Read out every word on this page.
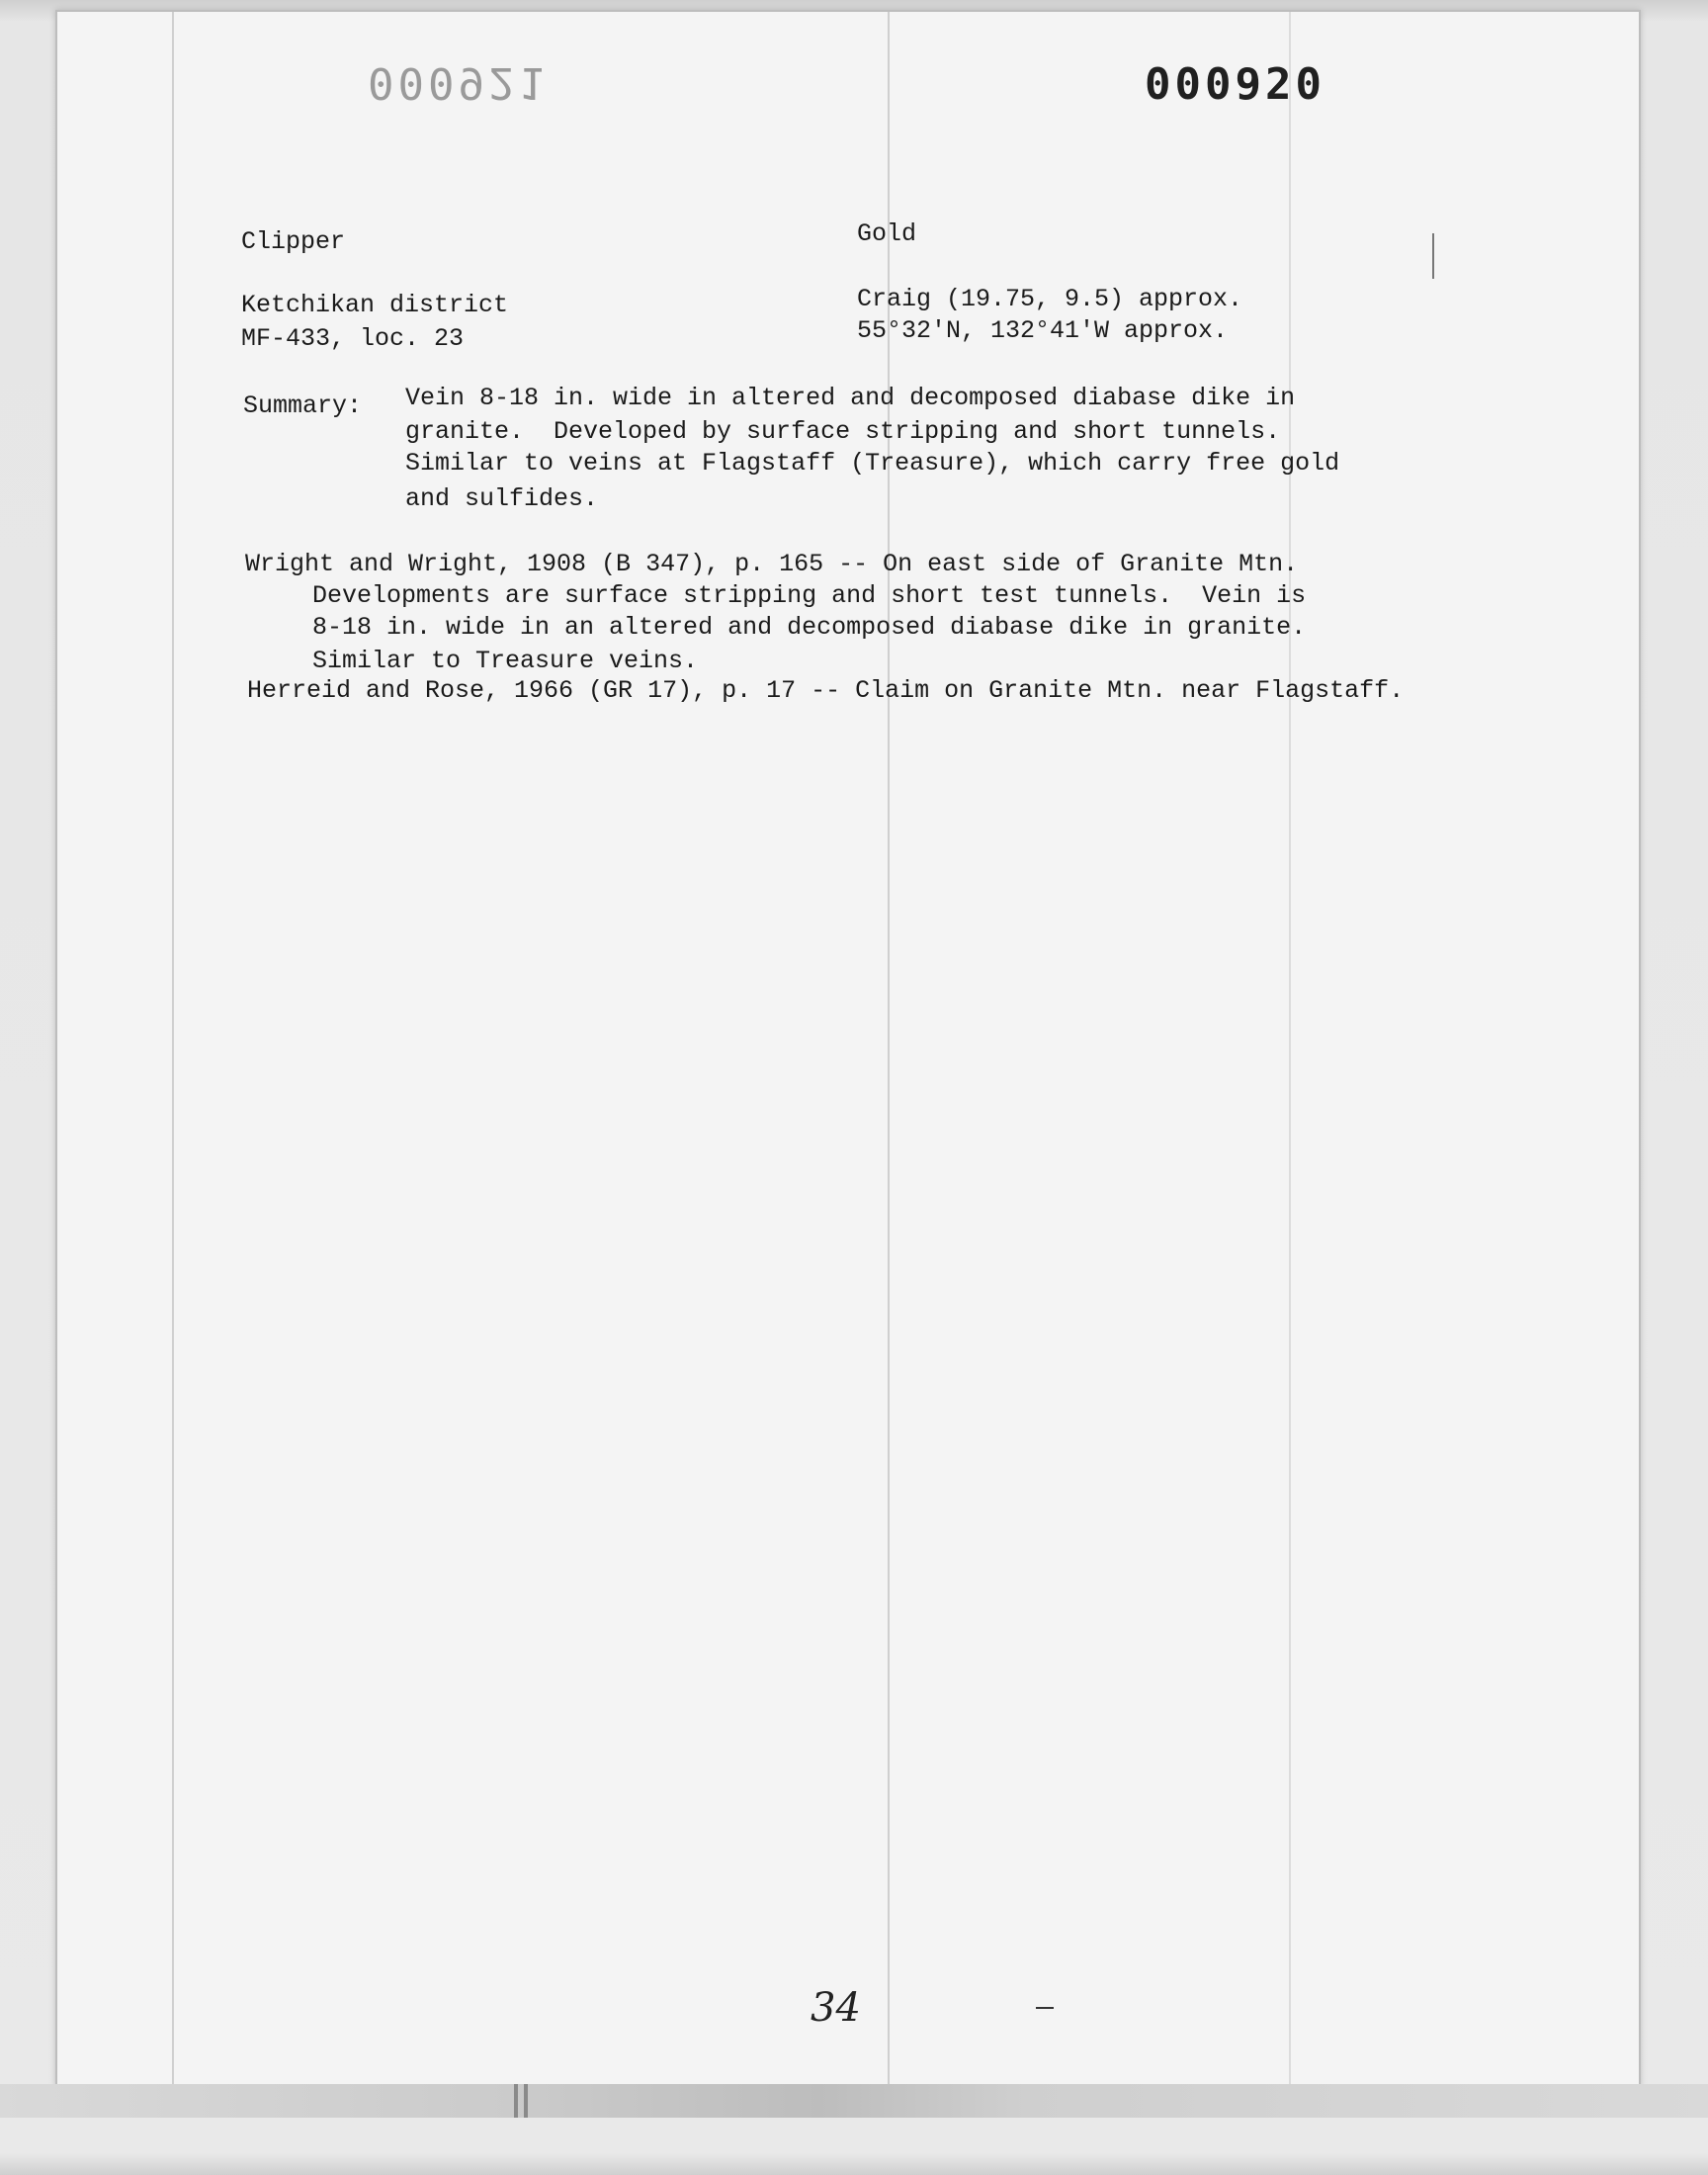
000921	000920
Clipper	Gold
Ketchikan district	Craig (19.75, 9.5) approx.
MF-433, loc. 23	55°32'N, 132°41'W approx.
Summary: Vein 8-18 in. wide in altered and decomposed diabase dike in
granite.  Developed by surface stripping and short tunnels.
Similar to veins at Flagstaff (Treasure), which carry free gold
and sulfides.
Wright and Wright, 1908 (B 347), p. 165 -- On east side of Granite Mtn.
Developments are surface stripping and short test tunnels.  Vein is
8-18 in. wide in an altered and decomposed diabase dike in granite.
Similar to Treasure veins.
Herreid and Rose, 1966 (GR 17), p. 17 -- Claim on Granite Mtn. near Flagstaff.
34
